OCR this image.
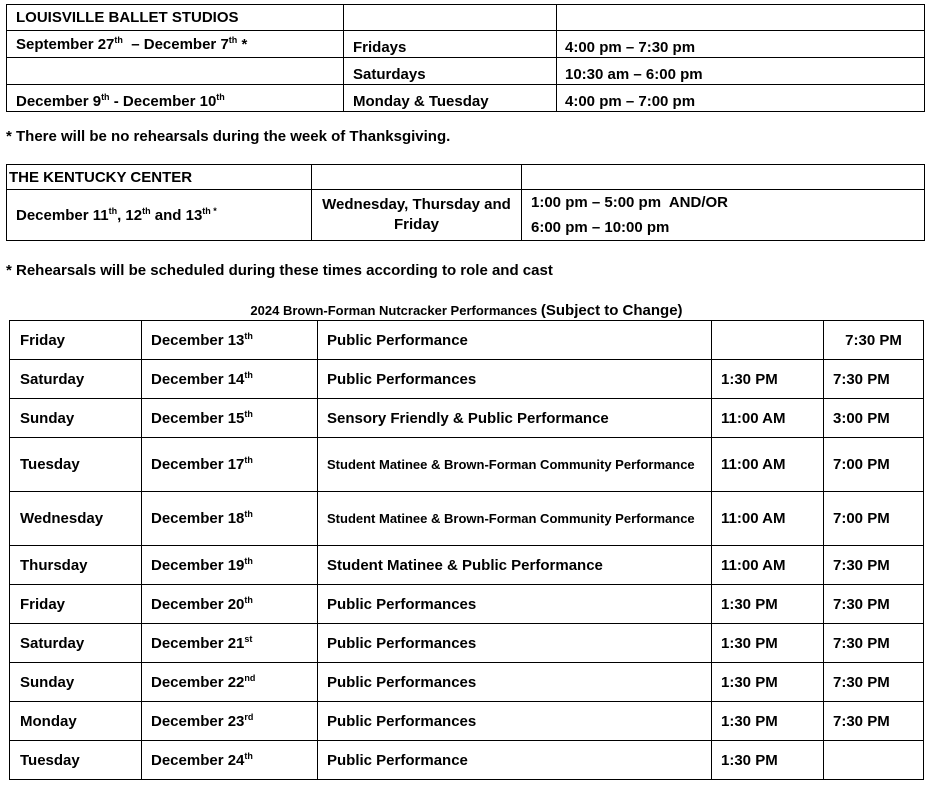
LOUISVILLE BALLET STUDIOS		
September 27th  – December 7th *	Fridays	4:00 pm – 7:30 pm
	Saturdays	10:30 am – 6:00 pm
December 9th - December 10th	Monday & Tuesday	4:00 pm – 7:00 pm
* There will be no rehearsals during the week of Thanksgiving.
THE KENTUCKY CENTER		
December 11th, 12th and $13^{th *}$	Wednesday, Thursday and Friday	1:00 pm – 5:00 pm  AND/OR
6:00 pm – 10:00 pm
* Rehearsals will be scheduled during these times according to role and cast
2024 Brown-Forman Nutcracker Performances (Subject to Change)
Friday	December 13th	Public Performance		7:30 PM
Saturday	December 14th	Public Performances	1:30 PM	7:30 PM
Sunday	December 15th	Sensory Friendly & Public Performance	11:00 AM	3:00 PM
Tuesday	December 17th	Student Matinee & Brown-Forman Community Performance	11:00 AM	7:00 PM
Wednesday	December 18th	Student Matinee & Brown-Forman Community Performance	11:00 AM	7:00 PM
Thursday	December 19th	Student Matinee & Public Performance	11:00 AM	7:30 PM
Friday	December 20th	Public Performances	1:30 PM	7:30 PM
Saturday	December 21st	Public Performances	1:30 PM	7:30 PM
Sunday	December 22nd	Public Performances	1:30 PM	7:30 PM
Monday	December 23rd	Public Performances	1:30 PM	7:30 PM
Tuesday	December 24th	Public Performance	1:30 PM	
